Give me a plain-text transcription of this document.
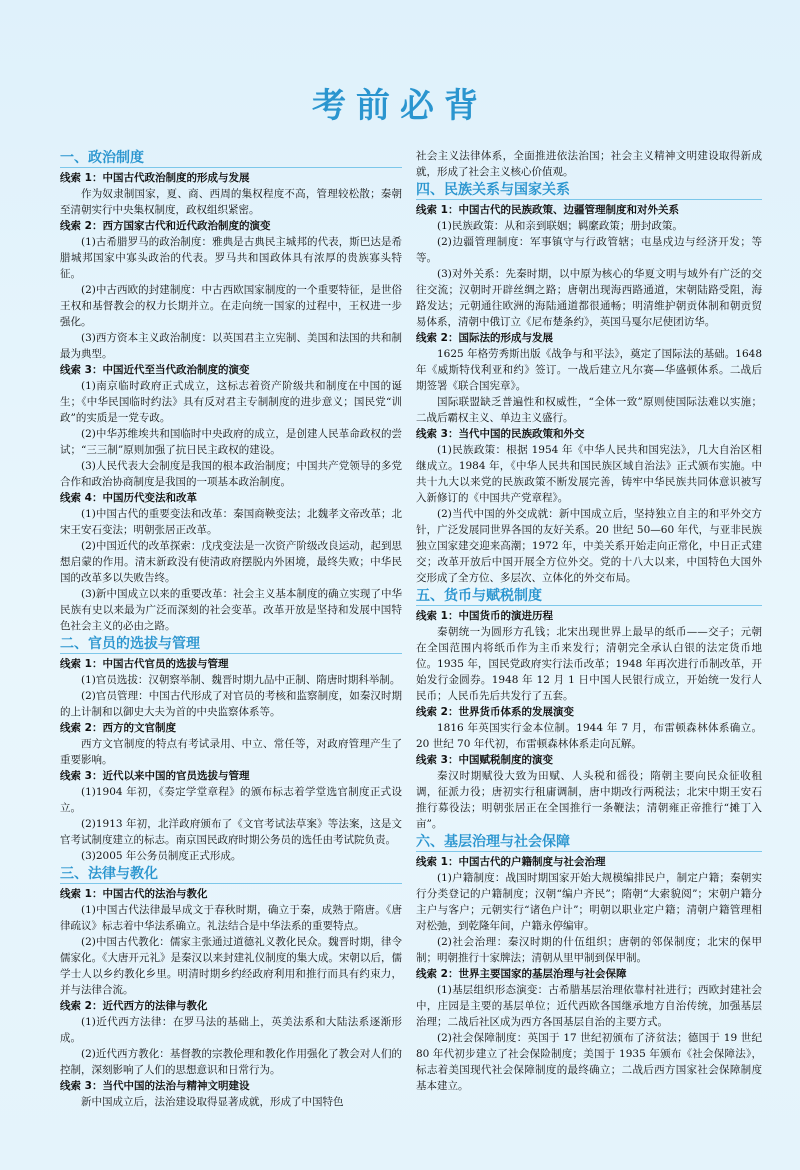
考前必背
一、政治制度
线索 1：中国古代政治制度的形成与发展
作为奴隶制国家，夏、商、西周的集权程度不高，管理较松散；秦朝至清朝实行中央集权制度，政权组织紧密。
线索 2：西方国家古代和近代政治制度的演变
(1)古希腊罗马的政治制度：雅典是古典民主城邦的代表，斯巴达是希腊城邦国家中寡头政治的代表。罗马共和国政体具有浓厚的贵族寡头特征。
(2)中古西欧的封建制度：中古西欧国家制度的一个重要特征，是世俗王权和基督教会的权力长期并立。在走向统一国家的过程中，王权进一步强化。
(3)西方资本主义政治制度：以英国君主立宪制、美国和法国的共和制最为典型。
线索 3：中国近代至当代政治制度的演变
(1)南京临时政府正式成立，这标志着资产阶级共和制度在中国的诞生；《中华民国临时约法》具有反对君主专制制度的进步意义；国民党“训政”的实质是一党专政。
(2)中华苏维埃共和国临时中央政府的成立，是创建人民革命政权的尝试；“三三制”原则加强了抗日民主政权的建设。
(3)人民代表大会制度是我国的根本政治制度；中国共产党领导的多党合作和政治协商制度是我国的一项基本政治制度。
线索 4：中国历代变法和改革
(1)中国古代的重要变法和改革：秦国商鞅变法；北魏孝文帝改革；北宋王安石变法；明朝张居正改革。
(2)中国近代的改革探索：戊戌变法是一次资产阶级改良运动，起到思想启蒙的作用。清末新政没有使清政府摆脱内外困境，最终失败；中华民国的改革多以失败告终。
(3)新中国成立以来的重要改革：社会主义基本制度的确立实现了中华民族有史以来最为广泛而深刻的社会变革。改革开放是坚持和发展中国特色社会主义的必由之路。
二、官员的选拔与管理
线索 1：中国古代官员的选拔与管理
(1)官员选拔：汉朝察举制、魏晋时期九品中正制、隋唐时期科举制。
(2)官员管理：中国古代形成了对官员的考核和监察制度，如秦汉时期的上计制和以御史大夫为首的中央监察体系等。
线索 2：西方的文官制度
西方文官制度的特点有考试录用、中立、常任等，对政府管理产生了重要影响。
线索 3：近代以来中国的官员选拔与管理
(1)1904 年初，《奏定学堂章程》的颁布标志着学堂选官制度正式设立。
(2)1913 年初，北洋政府颁布了《文官考试法草案》等法案，这是文官考试制度建立的标志。南京国民政府时期公务员的选任由考试院负责。
(3)2005 年公务员制度正式形成。
三、法律与教化
线索 1：中国古代的法治与教化
(1)中国古代法律最早成文于春秋时期，确立于秦，成熟于隋唐。《唐律疏议》标志着中华法系确立。礼法结合是中华法系的重要特点。
(2)中国古代教化：儒家主张通过道德礼义教化民众。魏晋时期，律令儒家化。《大唐开元礼》是秦汉以来封建礼仪制度的集大成。宋朝以后，儒学士人以乡约教化乡里。明清时期乡约经政府利用和推行而具有约束力，并与法律合流。
线索 2：近代西方的法律与教化
(1)近代西方法律：在罗马法的基础上，英美法系和大陆法系逐渐形成。
(2)近代西方教化：基督教的宗教伦理和教化作用强化了教会对人们的控制，深刻影响了人们的思想意识和日常行为。
线索 3：当代中国的法治与精神文明建设
新中国成立后，法治建设取得显著成就，形成了中国特色
社会主义法律体系，全面推进依法治国；社会主义精神文明建设取得新成就，形成了社会主义核心价值观。
四、民族关系与国家关系
线索 1：中国古代的民族政策、边疆管理制度和对外关系
(1)民族政策：从和亲到联姻；羁縻政策；册封政策。
(2)边疆管理制度：军事镇守与行政管辖；屯垦戍边与经济开发；等等。
(3)对外关系：先秦时期，以中原为核心的华夏文明与域外有广泛的交往交流；汉朝时开辟丝绸之路；唐朝出现海西路通道，宋朝陆路受阻，海路发达；元朝通往欧洲的海陆通道都很通畅；明清维护朝贡体制和朝贡贸易体系，清朝中俄订立《尼布楚条约》，英国马戛尔尼使团访华。
线索 2：国际法的形成与发展
1625 年格劳秀斯出版《战争与和平法》，奠定了国际法的基础。1648 年《威斯特伐利亚和约》签订。一战后建立凡尔赛—华盛顿体系。二战后期签署《联合国宪章》。
国际联盟缺乏普遍性和权威性，“全体一致”原则使国际法难以实施；二战后霸权主义、单边主义盛行。
线索 3：当代中国的民族政策和外交
(1)民族政策：根据 1954 年《中华人民共和国宪法》，几大自治区相继成立。1984 年，《中华人民共和国民族区域自治法》正式颁布实施。中共十九大以来党的民族政策不断发展完善，铸牢中华民族共同体意识被写入新修订的《中国共产党章程》。
(2)当代中国的外交成就：新中国成立后，坚持独立自主的和平外交方针，广泛发展同世界各国的友好关系。20 世纪 50—60 年代，与亚非民族独立国家建交迎来高潮；1972 年，中美关系开始走向正常化，中日正式建交；改革开放后中国开展全方位外交。党的十八大以来，中国特色大国外交形成了全方位、多层次、立体化的外交布局。
五、货币与赋税制度
线索 1：中国货币的演进历程
秦朝统一为圆形方孔钱；北宋出现世界上最早的纸币——交子；元朝在全国范围内将纸币作为主币来发行；清朝完全承认白银的法定货币地位。1935 年，国民党政府实行法币改革；1948 年再次进行币制改革，开始发行金圆券。1948 年 12 月 1 日中国人民银行成立，开始统一发行人民币；人民币先后共发行了五套。
线索 2：世界货币体系的发展演变
1816 年英国实行金本位制。1944 年 7 月，布雷顿森林体系确立。20 世纪 70 年代初，布雷顿森林体系走向瓦解。
线索 3：中国赋税制度的演变
秦汉时期赋役大致为田赋、人头税和徭役；隋朝主要向民众征收租调，征派力役；唐初实行租庸调制，唐中期改行两税法；北宋中期王安石推行募役法；明朝张居正在全国推行一条鞭法；清朝雍正帝推行“摊丁入亩”。
六、基层治理与社会保障
线索 1：中国古代的户籍制度与社会治理
(1)户籍制度：战国时期国家开始大规模编排民户，制定户籍；秦朝实行分类登记的户籍制度；汉朝“编户齐民”；隋朝“大索貌阅”；宋朝户籍分主户与客户；元朝实行“诸色户计”；明朝以职业定户籍；清朝户籍管理相对松弛，到乾隆年间，户籍永停编审。
(2)社会治理：秦汉时期的什伍组织；唐朝的邻保制度；北宋的保甲制；明朝推行十家牌法；清朝从里甲制到保甲制。
线索 2：世界主要国家的基层治理与社会保障
(1)基层组织形态演变：古希腊基层治理依靠村社进行；西欧封建社会中，庄园是主要的基层单位；近代西欧各国继承地方自治传统，加强基层治理；二战后社区成为西方各国基层自治的主要方式。
(2)社会保障制度：英国于 17 世纪初颁布了济贫法；德国于 19 世纪 80 年代初步建立了社会保险制度；美国于 1935 年颁布《社会保障法》，标志着美国现代社会保障制度的最终确立；二战后西方国家社会保障制度基本建立。
